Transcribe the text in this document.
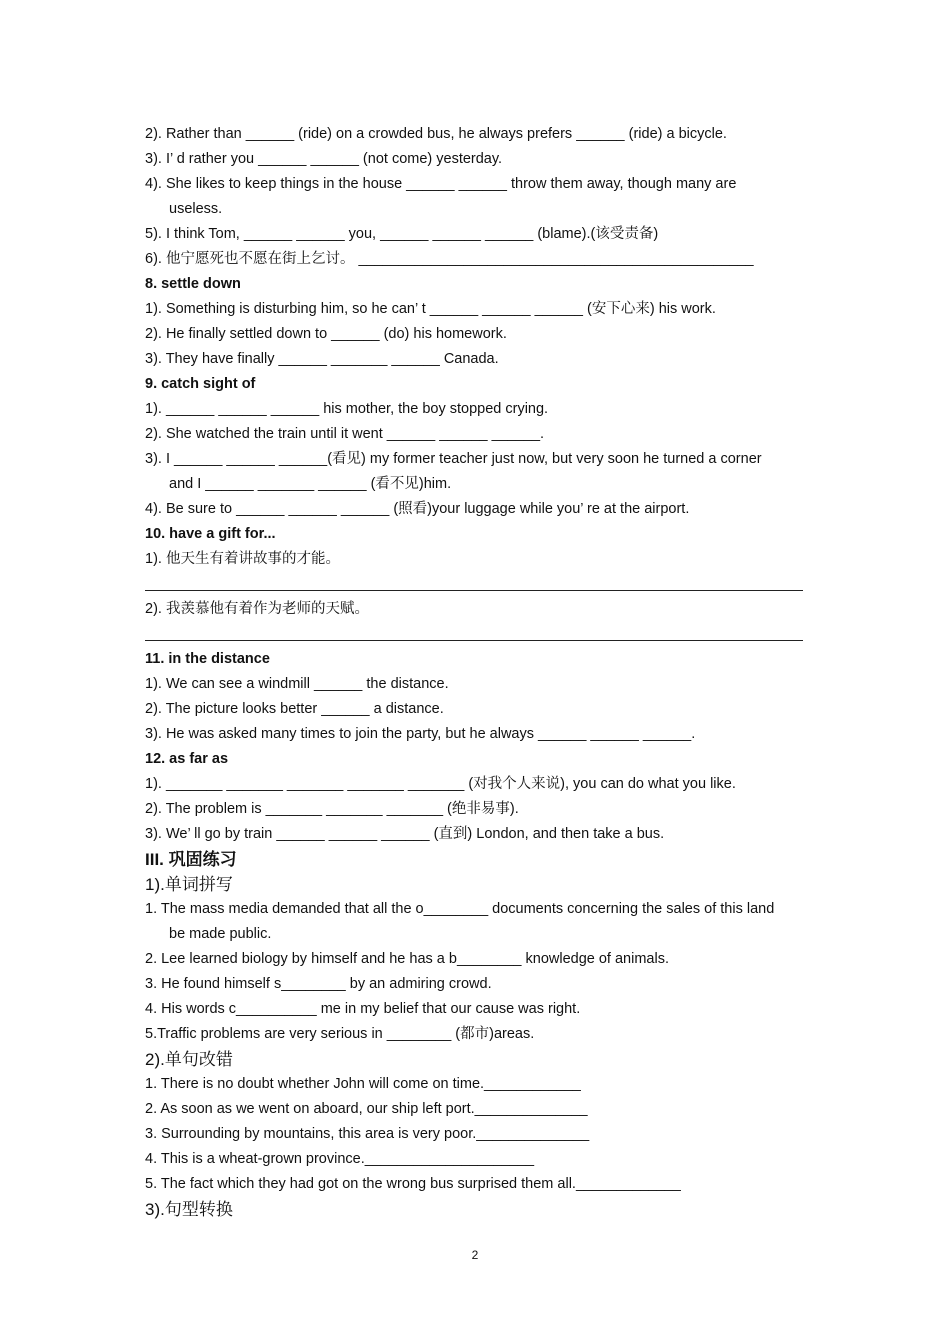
2). Rather than ______ (ride) on a crowded bus, he always prefers ______ (ride) a bicycle.
3). I’ d rather you ______ ______ (not come) yesterday.
4). She likes to keep things in the house ______ ______ throw them away, though many are
useless.
5). I think Tom, ______ ______ you, ______ ______ ______ (blame).(该受责备)
6). 他宁愿死也不愿在街上乞讨。 _________________________________________________
8. settle down
1). Something is disturbing him, so he can’ t ______ ______ ______ (安下心来) his work.
2). He finally settled down to ______ (do) his homework.
3). They have finally ______ _______ ______ Canada.
9. catch sight of
1). ______ ______ ______ his mother, the boy stopped crying.
2). She watched the train until it went ______ ______ ______.
3). I ______ ______ ______(看见) my former teacher just now, but very soon he turned a corner
and I ______ _______ ______ (看不见)him.
4). Be sure to ______ ______ ______ (照看)your luggage while you’ re at the airport.
10. have a gift for...
1). 他天生有着讲故事的才能。
2). 我羡慕他有着作为老师的天赋。
11. in the distance
1). We can see a windmill ______ the distance.
2). The picture looks better ______ a distance.
3). He was asked many times to join the party, but he always ______ ______ ______.
12. as far as
1). _______ _______ _______ _______ _______ (对我个人来说), you can do what you like.
2). The problem is _______ _______ _______ (绝非易事).
3). We’ ll go by train ______ ______ ______ (直到) London, and then take a bus.
III. 巩固练习
1).单词拼写
1. The mass media demanded that all the o________ documents concerning the sales of this land
be made public.
2. Lee learned biology by himself and he has a b________ knowledge of animals.
3. He found himself s________ by an admiring crowd.
4. His words c__________ me in my belief that our cause was right.
5.Traffic problems are very serious in ________ (都市)areas.
2).单句改错
1. There is no doubt whether John will come on time.____________
2. As soon as we went on aboard, our ship left port.______________
3. Surrounding by mountains, this area is very poor.______________
4. This is a wheat-grown province._____________________
5. The fact which they had got on the wrong bus surprised them all._____________
3).句型转换
2
